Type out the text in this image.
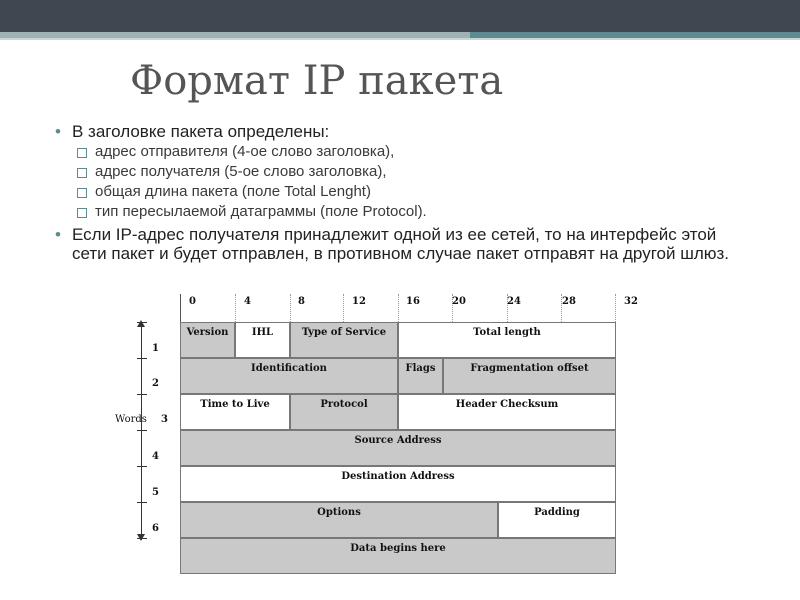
Формат IP пакета
• В заголовке пакета определены:
адрес отправителя (4-ое слово заголовка),
адрес получателя (5-ое слово заголовка),
общая длина пакета (поле Total Lenght)
тип пересылаемой датаграммы (поле Protocol).
• Если IP-адрес получателя принадлежит одной из ее сетей, то на интерфейс этой сети пакет и будет отправлен, в противном случае пакет отправят на другой шлюз.
0	4	8	12	16	20	24	28	32
Version	IHL	Type of Service	Total length
Identification	Flags	Fragmentation offset
Time to Live	Protocol	Header Checksum
Source Address
Destination Address
Options	Padding
Data begins here
Words
1
2
3
4
5
6
